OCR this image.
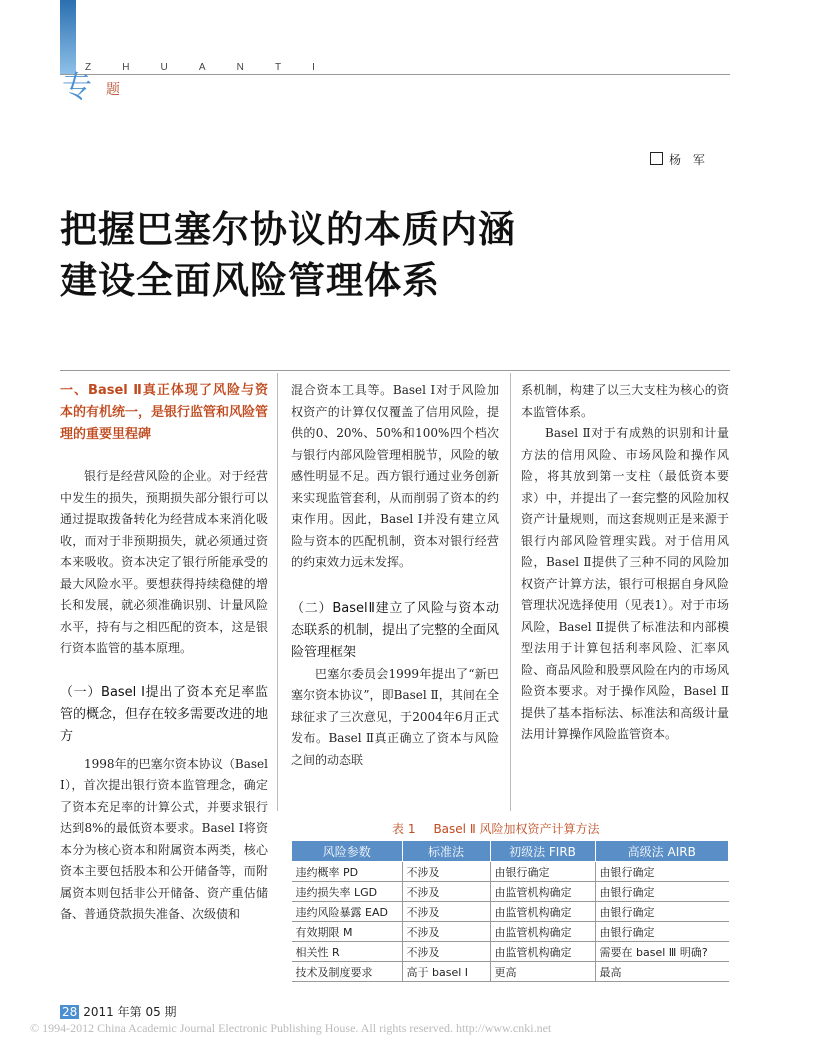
Z	H	U	A	N	T	I
专 题
杨 军
把握巴塞尔协议的本质内涵
建设全面风险管理体系
一、Basel Ⅱ真正体现了风险与资本的有机统一，是银行监管和风险管理的重要里程碑

银行是经营风险的企业。对于经营中发生的损失，预期损失部分银行可以通过提取拨备转化为经营成本来消化吸收，而对于非预期损失，就必须通过资本来吸收。资本决定了银行所能承受的最大风险水平。要想获得持续稳健的增长和发展，就必须准确识别、计量风险水平，持有与之相匹配的资本，这是银行资本监管的基本原理。

（一）Basel Ⅰ提出了资本充足率监管的概念，但存在较多需要改进的地方

1998年的巴塞尔资本协议（Basel Ⅰ），首次提出银行资本监管理念，确定了资本充足率的计算公式，并要求银行达到8%的最低资本要求。Basel Ⅰ将资本分为核心资本和附属资本两类，核心资本主要包括股本和公开储备等，而附属资本则包括非公开储备、资产重估储备、普通贷款损失准备、次级债和

混合资本工具等。Basel Ⅰ对于风险加权资产的计算仅仅覆盖了信用风险，提供的0、20%、50%和100%四个档次与银行内部风险管理相脱节，风险的敏感性明显不足。西方银行通过业务创新来实现监管套利，从而削弱了资本的约束作用。因此，Basel Ⅰ并没有建立风险与资本的匹配机制，资本对银行经营的约束效力远未发挥。

（二）BaselⅡ建立了风险与资本动态联系的机制，提出了完整的全面风险管理框架

巴塞尔委员会1999年提出了“新巴塞尔资本协议”，即Basel Ⅱ，其间在全球征求了三次意见，于2004年6月正式发布。Basel Ⅱ真正确立了资本与风险之间的动态联

系机制，构建了以三大支柱为核心的资本监管体系。

Basel Ⅱ对于有成熟的识别和计量方法的信用风险、市场风险和操作风险，将其放到第一支柱（最低资本要求）中，并提出了一套完整的风险加权资产计量规则，而这套规则正是来源于银行内部风险管理实践。对于信用风险，Basel Ⅱ提供了三种不同的风险加权资产计算方法，银行可根据自身风险管理状况选择使用（见表1）。对于市场风险，Basel Ⅱ提供了标准法和内部模型法用于计算包括利率风险、汇率风险、商品风险和股票风险在内的市场风险资本要求。对于操作风险，Basel Ⅱ提供了基本指标法、标准法和高级计量法用计算操作风险监管资本。

表 1 Basel Ⅱ 风险加权资产计算方法
风险参数	标准法	初级法 FIRB	高级法 AIRB
违约概率 PD	不涉及	由银行确定	由银行确定
违约损失率 LGD	不涉及	由监管机构确定	由银行确定
违约风险暴露 EAD	不涉及	由监管机构确定	由银行确定
有效期限 M	不涉及	由监管机构确定	由银行确定
相关性 R	不涉及	由监管机构确定	需要在 basel Ⅲ 明确?
技术及制度要求	高于 basel Ⅰ	更高	最高
28 2011 年第 05 期
© 1994-2012 China Academic Journal Electronic Publishing House. All rights reserved. http://www.cnki.net
